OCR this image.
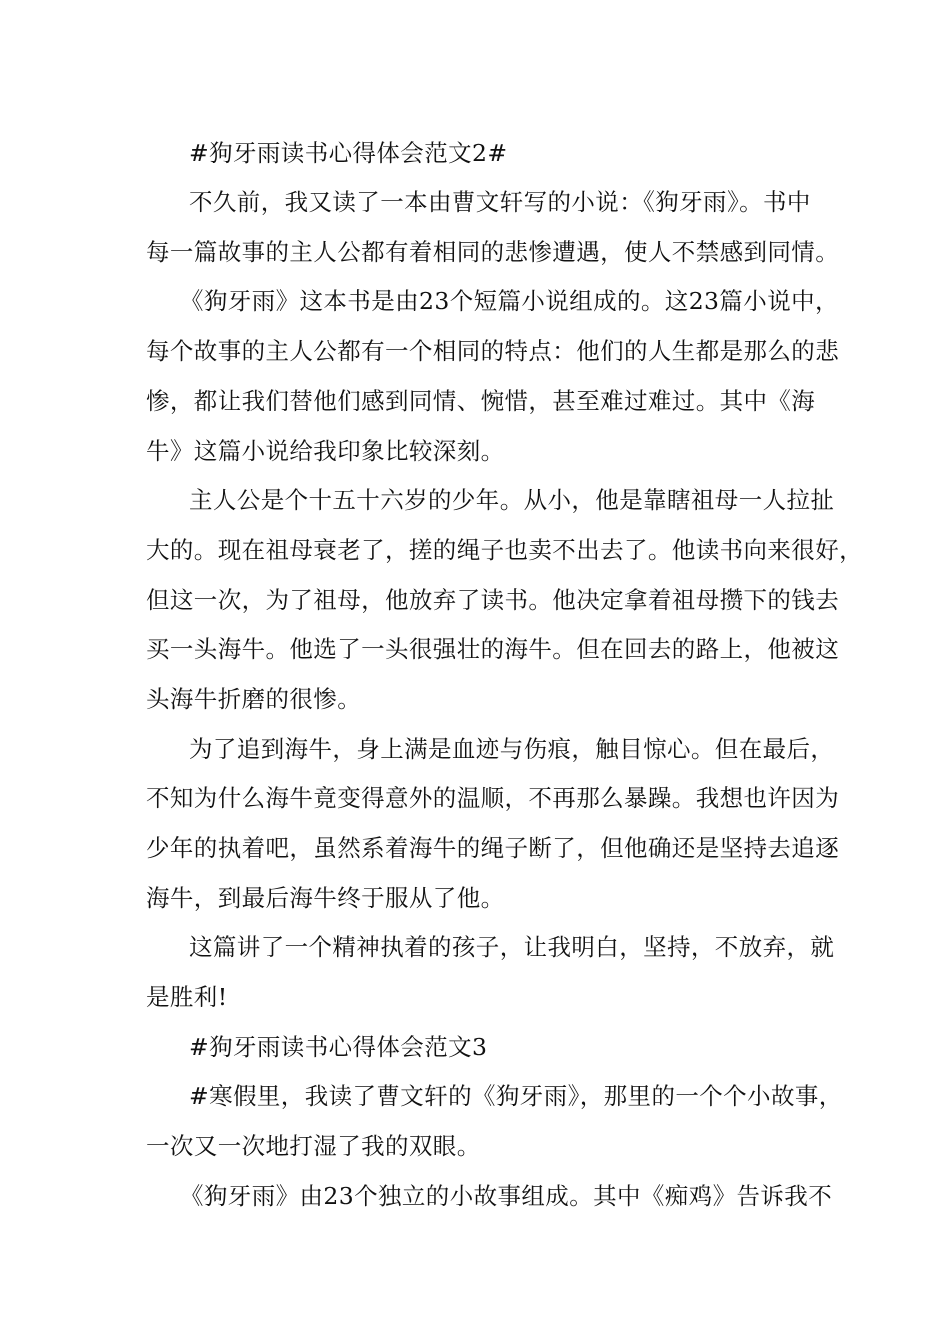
#狗牙雨读书心得体会范文2#
不久前，我又读了一本由曹文轩写的小说：《狗牙雨》。书中
每一篇故事的主人公都有着相同的悲惨遭遇，使人不禁感到同情。
《狗牙雨》这本书是由23个短篇小说组成的。这23篇小说中，
每个故事的主人公都有一个相同的特点：他们的人生都是那么的悲
惨，都让我们替他们感到同情、惋惜，甚至难过难过。其中《海
牛》这篇小说给我印象比较深刻。
主人公是个十五十六岁的少年。从小，他是靠瞎祖母一人拉扯
大的。现在祖母衰老了，搓的绳子也卖不出去了。他读书向来很好，
但这一次，为了祖母，他放弃了读书。他决定拿着祖母攒下的钱去
买一头海牛。他选了一头很强壮的海牛。但在回去的路上，他被这
头海牛折磨的很惨。
为了追到海牛，身上满是血迹与伤痕，触目惊心。但在最后，
不知为什么海牛竟变得意外的温顺，不再那么暴躁。我想也许因为
少年的执着吧，虽然系着海牛的绳子断了，但他确还是坚持去追逐
海牛，到最后海牛终于服从了他。
这篇讲了一个精神执着的孩子，让我明白，坚持，不放弃，就
是胜利!
#狗牙雨读书心得体会范文3
#寒假里，我读了曹文轩的《狗牙雨》，那里的一个个小故事，
一次又一次地打湿了我的双眼。
《狗牙雨》由23个独立的小故事组成。其中《痴鸡》告诉我不
